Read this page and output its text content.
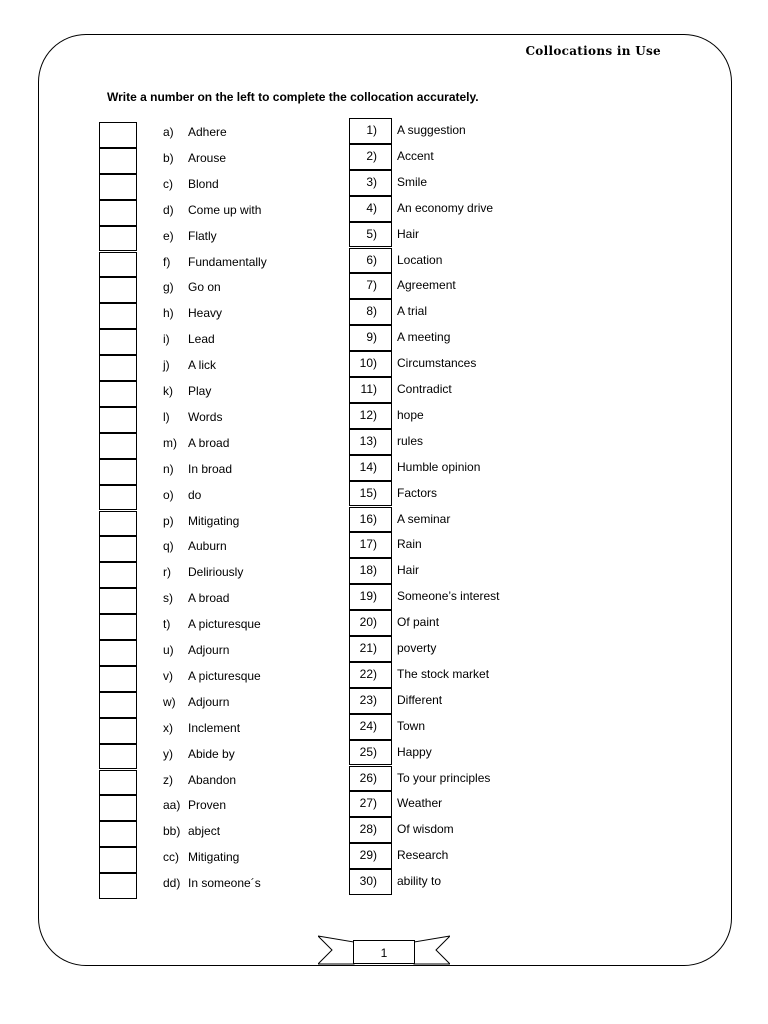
Collocations in Use
Write a number on the left to complete the collocation accurately.
a) Adhere
b) Arouse
c) Blond
d) Come up with
e) Flatly
f) Fundamentally
g) Go on
h) Heavy
i) Lead
j) A lick
k) Play
l) Words
m) A broad
n) In broad
o) do
p) Mitigating
q) Auburn
r) Deliriously
s) A broad
t) A picturesque
u) Adjourn
v) A picturesque
w) Adjourn
x) Inclement
y) Abide by
z) Abandon
aa) Proven
bb) abject
cc) Mitigating
dd) In someone´s
1)	A suggestion
2)	Accent
3)	Smile
4)	An economy drive
5)	Hair
6)	Location
7)	Agreement
8)	A trial
9)	A meeting
10)	Circumstances
11)	Contradict
12)	hope
13)	rules
14)	Humble opinion
15)	Factors
16)	A seminar
17)	Rain
18)	Hair
19)	Someone’s interest
20)	Of paint
21)	poverty
22)	The stock market
23)	Different
24)	Town
25)	Happy
26)	To your principles
27)	Weather
28)	Of wisdom
29)	Research
30)	ability to
1
